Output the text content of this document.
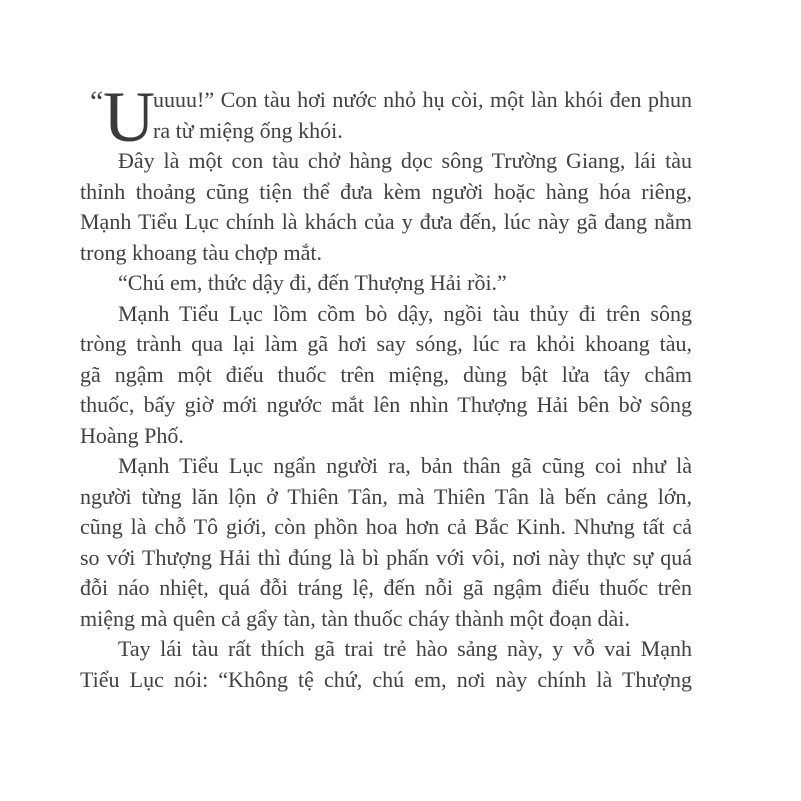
“ U
uuuu!” Con tàu hơi nước nhỏ hụ còi, một làn khói đen phun
ra từ miệng ống khói.
Đây là một con tàu chở hàng dọc sông Trường Giang, lái tàu
thỉnh thoảng cũng tiện thể đưa kèm người hoặc hàng hóa riêng,
Mạnh Tiểu Lục chính là khách của y đưa đến, lúc này gã đang nằm
trong khoang tàu chợp mắt.
“Chú em, thức dậy đi, đến Thượng Hải rồi.”
Mạnh Tiểu Lục lồm cồm bò dậy, ngồi tàu thủy đi trên sông
tròng trành qua lại làm gã hơi say sóng, lúc ra khỏi khoang tàu,
gã ngậm một điếu thuốc trên miệng, dùng bật lửa tây châm
thuốc, bấy giờ mới ngước mắt lên nhìn Thượng Hải bên bờ sông
Hoàng Phố.
Mạnh Tiểu Lục ngẩn người ra, bản thân gã cũng coi như là
người từng lăn lộn ở Thiên Tân, mà Thiên Tân là bến cảng lớn,
cũng là chỗ Tô giới, còn phồn hoa hơn cả Bắc Kinh. Nhưng tất cả
so với Thượng Hải thì đúng là bì phấn với vôi, nơi này thực sự quá
đỗi náo nhiệt, quá đỗi tráng lệ, đến nỗi gã ngậm điếu thuốc trên
miệng mà quên cả gẩy tàn, tàn thuốc cháy thành một đoạn dài.
Tay lái tàu rất thích gã trai trẻ hào sảng này, y vỗ vai Mạnh
Tiểu Lục nói: “Không tệ chứ, chú em, nơi này chính là Thượng
